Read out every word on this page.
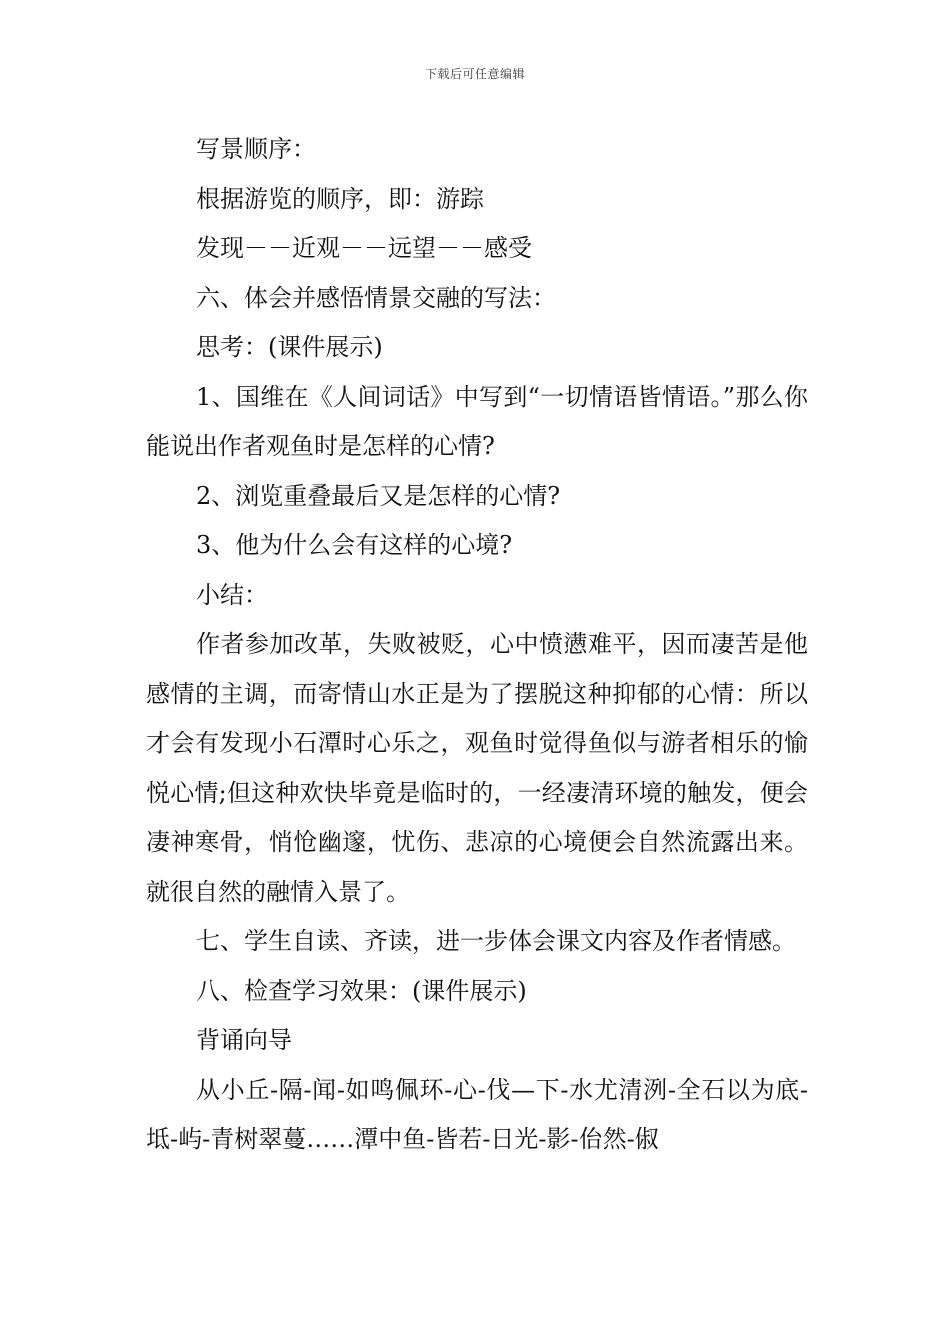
下载后可任意编辑

写景顺序：

根据游览的顺序，即：游踪

发现－－近观－－远望－－感受

六、体会并感悟情景交融的写法：

思考：(课件展示)

1、国维在《人间词话》中写到“一切情语皆情语。”那么你能说出作者观鱼时是怎样的心情?

2、浏览重叠最后又是怎样的心情?

3、他为什么会有这样的心境?

小结：

作者参加改革，失败被贬，心中愤懑难平，因而凄苦是他感情的主调，而寄情山水正是为了摆脱这种抑郁的心情：所以才会有发现小石潭时心乐之，观鱼时觉得鱼似与游者相乐的愉悦心情;但这种欢快毕竟是临时的，一经凄清环境的触发，便会凄神寒骨，悄怆幽邃，忧伤、悲凉的心境便会自然流露出来。就很自然的融情入景了。

七、学生自读、齐读，进一步体会课文内容及作者情感。

八、检查学习效果：(课件展示)

背诵向导

从小丘-隔-闻-如鸣佩环-心-伐—下-水尤清洌-全石以为底-坻-屿-青树翠蔓……潭中鱼-皆若-日光-影-佁然-俶
